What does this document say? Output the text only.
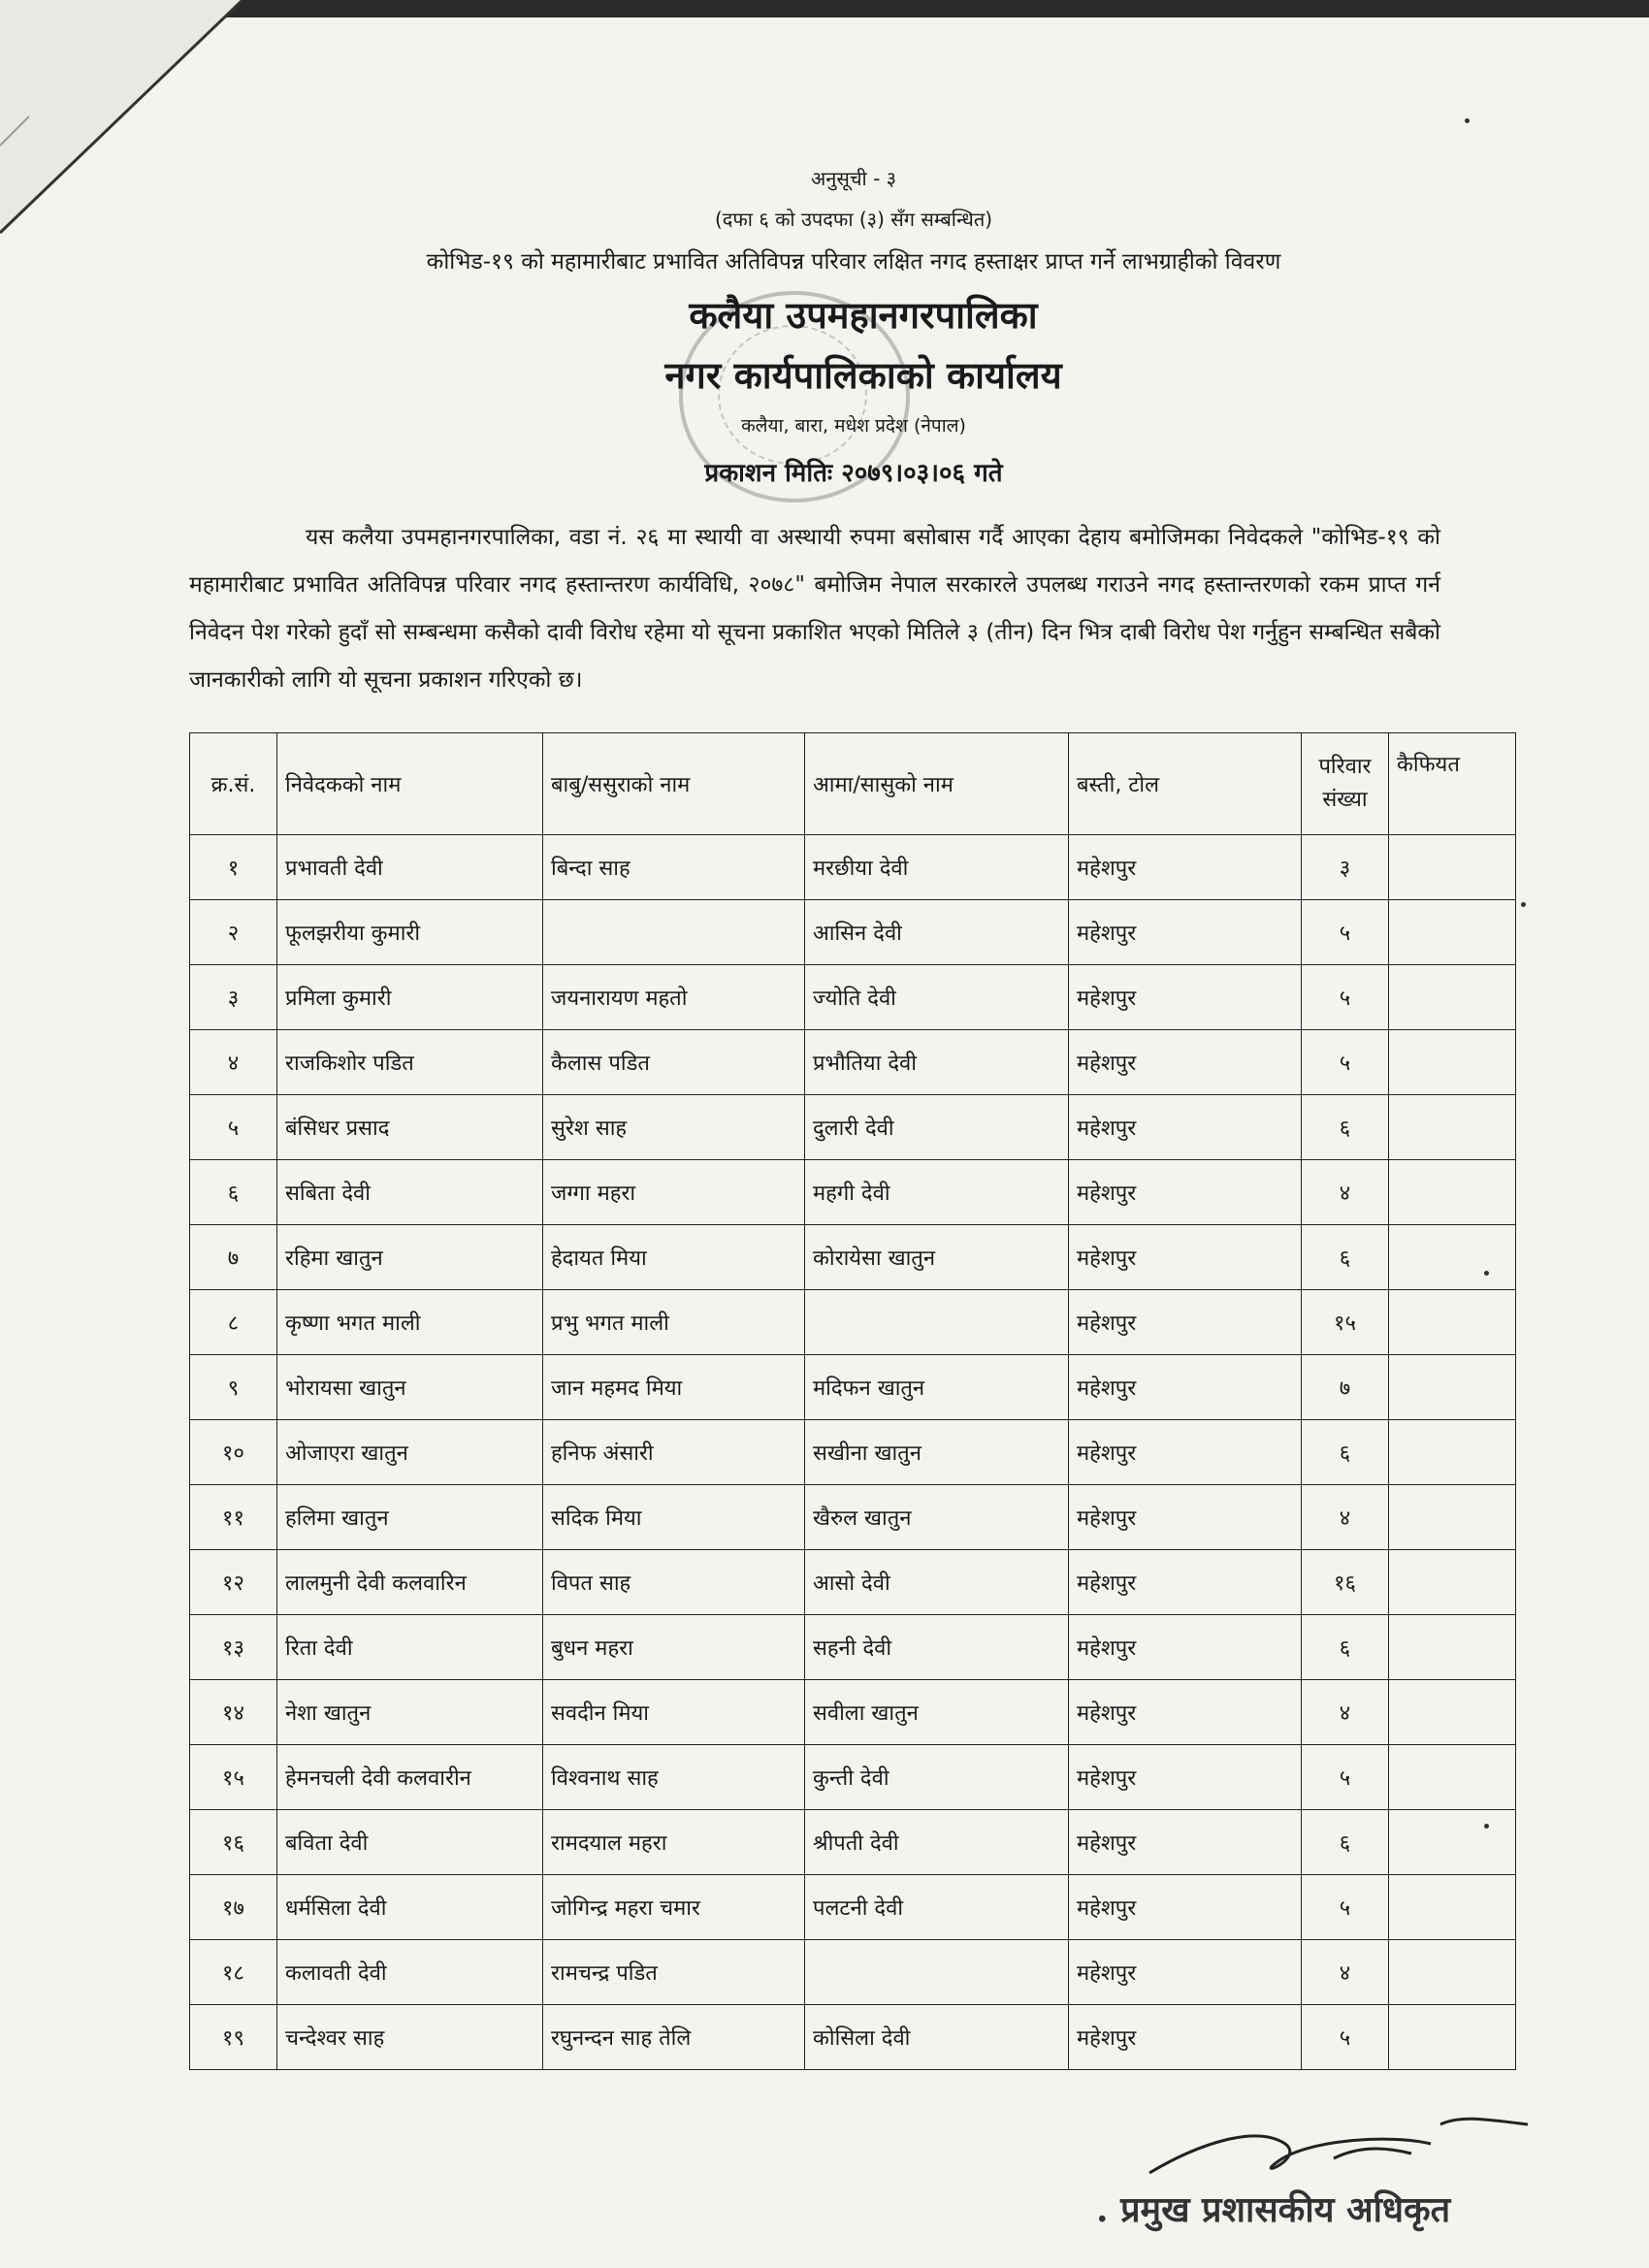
अनुसूची - ३
(दफा ६ को उपदफा (३) सँग सम्बन्धित)
कोभिड-१९ को महामारीबाट प्रभावित अतिविपन्न परिवार लक्षित नगद हस्ताक्षर प्राप्त गर्ने लाभग्राहीको विवरण
कलैया उपमहानगरपालिका
नगर कार्यपालिकाको कार्यालय
कलैया, बारा, मधेश प्रदेश (नेपाल)
प्रकाशन मितिः २०७९।०३।०६ गते
यस कलैया उपमहानगरपालिका, वडा नं. २६ मा स्थायी वा अस्थायी रुपमा बसोबास गर्दै आएका देहाय बमोजिमका निवेदकले "कोभिड-१९ को महामारीबाट प्रभावित अतिविपन्न परिवार नगद हस्तान्तरण कार्यविधि, २०७८" बमोजिम नेपाल सरकारले उपलब्ध गराउने नगद हस्तान्तरणको रकम प्राप्त गर्न निवेदन पेश गरेको हुदाँ सो सम्बन्धमा कसैको दावी विरोध रहेमा यो सूचना प्रकाशित भएको मितिले ३ (तीन) दिन भित्र दाबी विरोध पेश गर्नुहुन सम्बन्धित सबैको जानकारीको लागि यो सूचना प्रकाशन गरिएको छ।
क्र.सं.	निवेदकको नाम	बाबु/ससुराको नाम	आमा/सासुको नाम	बस्ती, टोल	परिवार संख्या	कैफियत
१	प्रभावती देवी	बिन्दा साह	मरछीया देवी	महेशपुर	३	
२	फूलझरीया कुमारी		आसिन देवी	महेशपुर	५	
३	प्रमिला कुमारी	जयनारायण महतो	ज्योति देवी	महेशपुर	५	
४	राजकिशोर पडित	कैलास पडित	प्रभौतिया देवी	महेशपुर	५	
५	बंसिधर प्रसाद	सुरेश साह	दुलारी देवी	महेशपुर	६	
६	सबिता देवी	जग्गा महरा	महगी देवी	महेशपुर	४	
७	रहिमा खातुन	हेदायत मिया	कोरायेसा खातुन	महेशपुर	६	
८	कृष्णा भगत माली	प्रभु भगत माली		महेशपुर	१५	
९	भोरायसा खातुन	जान महमद मिया	मदिफन खातुन	महेशपुर	७	
१०	ओजाएरा खातुन	हनिफ अंसारी	सखीना खातुन	महेशपुर	६	
११	हलिमा खातुन	सदिक मिया	खैरुल खातुन	महेशपुर	४	
१२	लालमुनी देवी कलवारिन	विपत साह	आसो देवी	महेशपुर	१६	
१३	रिता देवी	बुधन महरा	सहनी देवी	महेशपुर	६	
१४	नेशा खातुन	सवदीन मिया	सवीला खातुन	महेशपुर	४	
१५	हेमनचली देवी कलवारीन	विश्वनाथ साह	कुन्ती देवी	महेशपुर	५	
१६	बविता देवी	रामदयाल महरा	श्रीपती देवी	महेशपुर	६	
१७	धर्मसिला देवी	जोगिन्द्र महरा चमार	पलटनी देवी	महेशपुर	५	
१८	कलावती देवी	रामचन्द्र पडित		महेशपुर	४	
१९	चन्देश्वर साह	रघुनन्दन साह तेलि	कोसिला देवी	महेशपुर	५	
. प्रमुख प्रशासकीय अधिकृत
